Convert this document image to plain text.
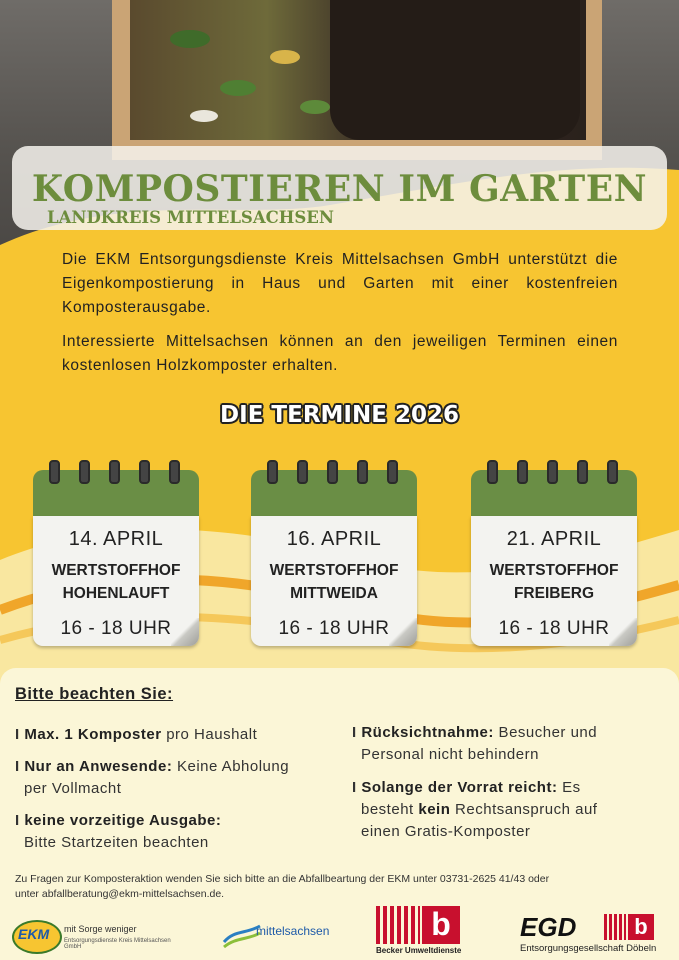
KOMPOSTIEREN IM GARTEN
LANDKREIS MITTELSACHSEN
Die EKM Entsorgungsdienste Kreis Mittelsachsen GmbH unterstützt die Eigenkompostierung in Haus und Garten mit einer kostenfreien Komposterausgabe.
Interessierte Mittelsachsen können an den jeweiligen Terminen einen kostenlosen Holzkomposter erhalten.
DIE TERMINE 2026
14. APRIL
WERTSTOFFHOF
HOHENLAUFT
16 - 18 UHR
16. APRIL
WERTSTOFFHOF
MITTWEIDA
16 - 18 UHR
21. APRIL
WERTSTOFFHOF
FREIBERG
16 - 18 UHR
Bitte beachten Sie:
I Max. 1 Komposter pro Haushalt
I Nur an Anwesende: Keine Abholung
per Vollmacht
I keine vorzeitige Ausgabe:
Bitte Startzeiten beachten
I Rücksichtnahme: Besucher und
Personal nicht behindern
I Solange der Vorrat reicht: Es
besteht kein Rechtsanspruch auf
einen Gratis-Komposter
Zu Fragen zur Komposteraktion wenden Sie sich bitte an die Abfallbeartung der EKM unter 03731-2625 41/43 oder
unter abfallberatung@ekm-mittelsachsen.de.
EKM mit Sorge weniger
Entsorgungsdienste Kreis Mittelsachsen GmbH
mittelsachsen	b
Becker Umweltdienste
EGD	b
Entsorgungsgesellschaft Döbeln
